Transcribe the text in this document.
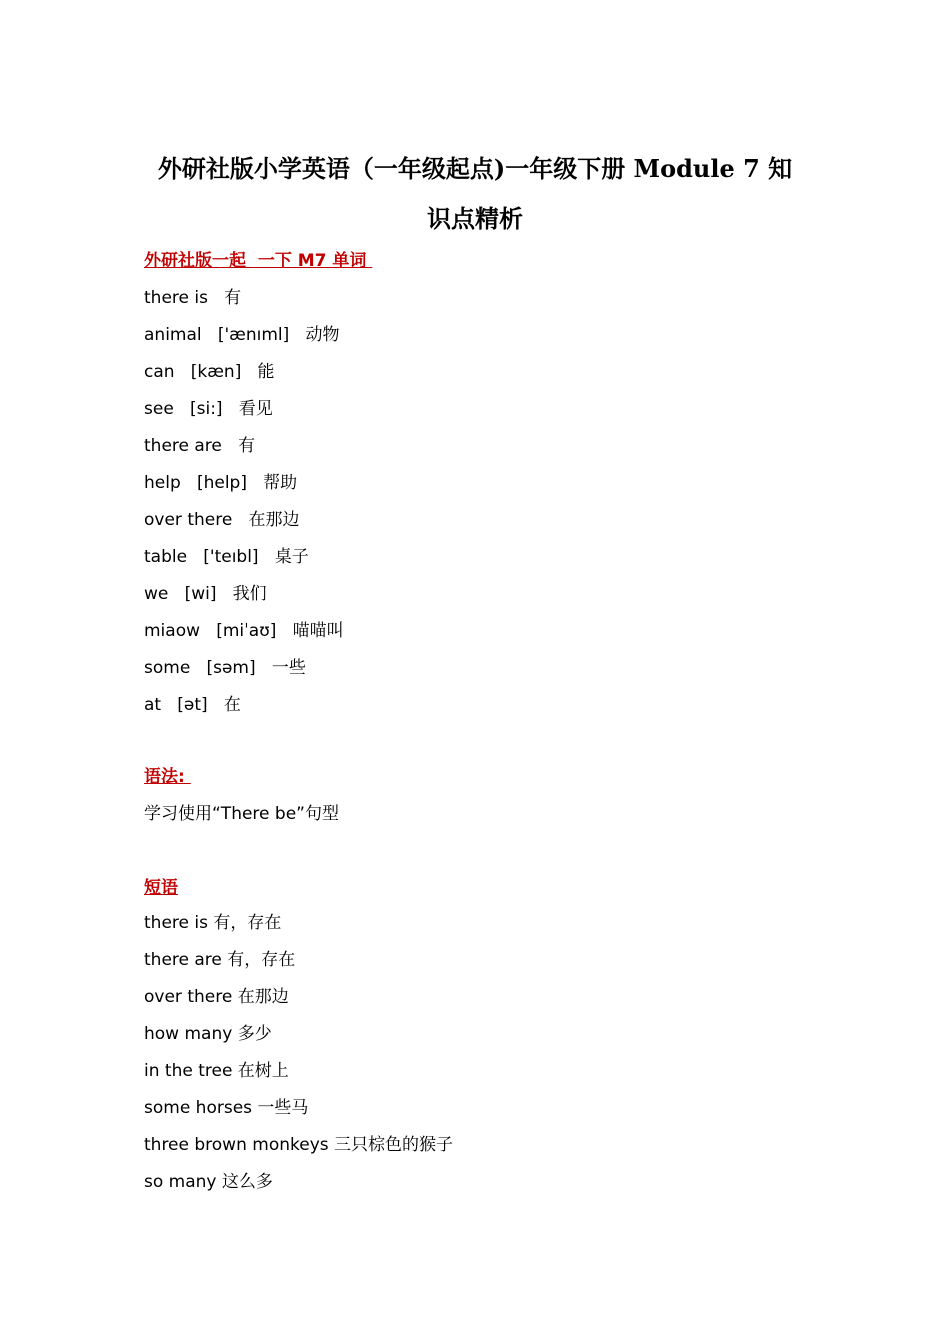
外研社版小学英语（一年级起点)一年级下册 Module 7 知
识点精析
外研社版一起  一下 M7 单词
there is   有
animal   ['ænıml]   动物
can   [kæn]   能
see   [si:]   看见
there are   有
help   [help]   帮助
over there   在那边
table   ['teıbl]   桌子
we   [wi]   我们
miaow   [miˈaʊ]   喵喵叫
some   [səm]   一些
at   [ət]   在
语法:
学习使用“There be”句型
短语
there is 有，存在
there are 有，存在
over there 在那边
how many 多少
in the tree 在树上
some horses 一些马
three brown monkeys 三只棕色的猴子
so many 这么多
